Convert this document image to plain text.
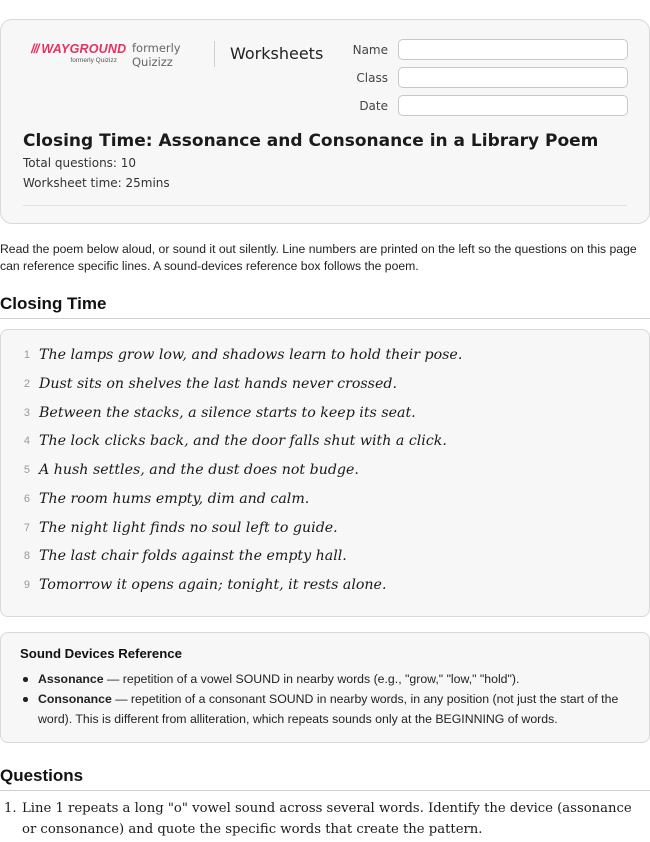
/// WAYGROUND
formerly Quizizz
formerly Quizizz	Worksheets	Name
Class
Date
Closing Time: Assonance and Consonance in a Library Poem
Total questions: 10
Worksheet time: 25mins

Read the poem below aloud, or sound it out silently. Line numbers are printed on the left so the questions on this page can reference specific lines. A sound-devices reference box follows the poem.

Closing Time
1 The lamps grow low, and shadows learn to hold their pose.
2 Dust sits on shelves the last hands never crossed.
3 Between the stacks, a silence starts to keep its seat.
4 The lock clicks back, and the door falls shut with a click.
5 A hush settles, and the dust does not budge.
6 The room hums empty, dim and calm.
7 The night light finds no soul left to guide.
8 The last chair folds against the empty hall.
9 Tomorrow it opens again; tonight, it rests alone.
Sound Devices Reference
Assonance — repetition of a vowel SOUND in nearby words (e.g., "grow," "low," "hold").
Consonance — repetition of a consonant SOUND in nearby words, in any position (not just the start of the word). This is different from alliteration, which repeats sounds only at the BEGINNING of words.
Questions
1. Line 1 repeats a long "o" vowel sound across several words. Identify the device (assonance or consonance) and quote the specific words that create the pattern.
